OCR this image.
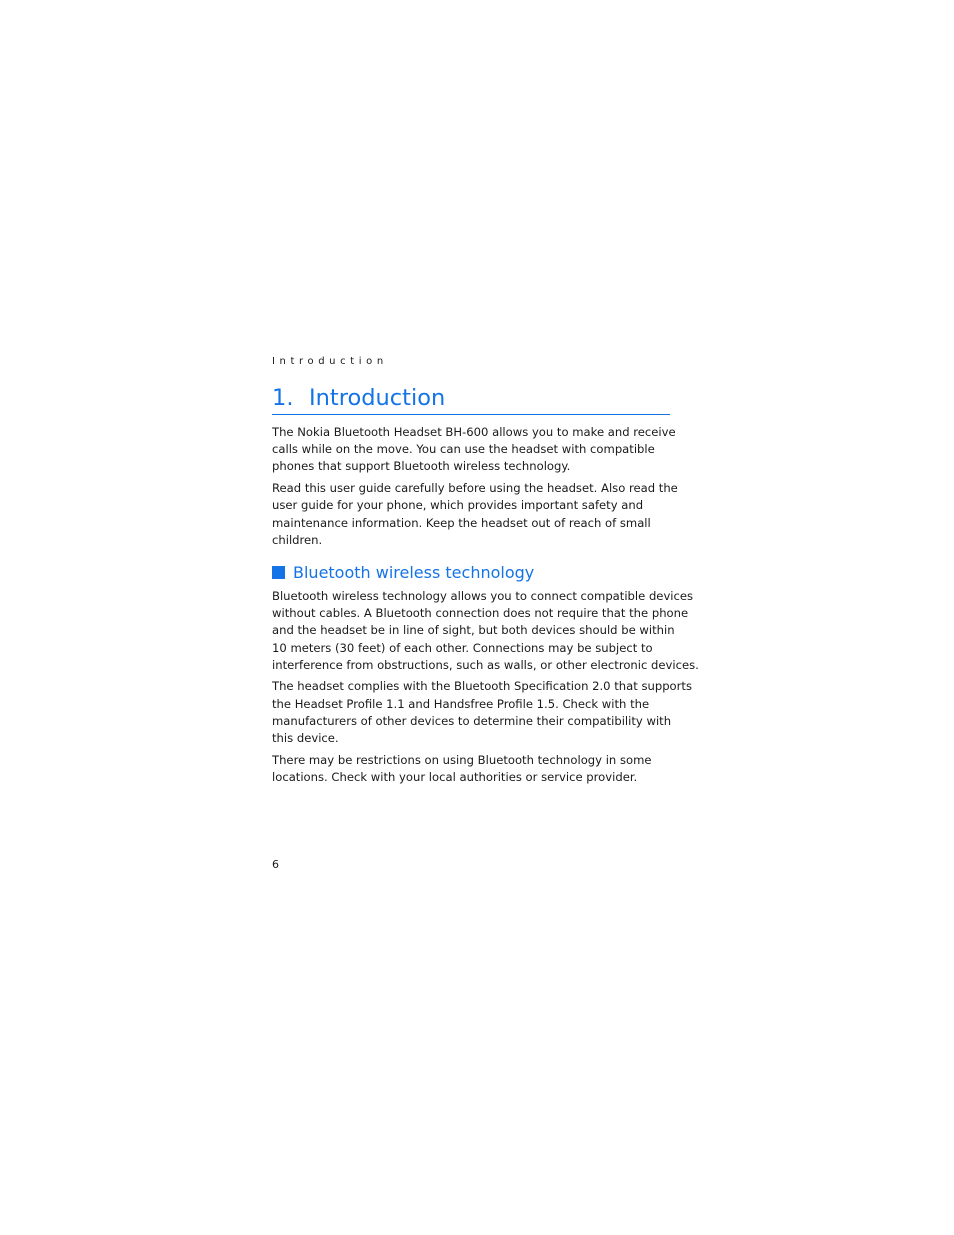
Introduction
1. Introduction

The Nokia Bluetooth Headset BH-600 allows you to make and receive
calls while on the move. You can use the headset with compatible
phones that support Bluetooth wireless technology.

Read this user guide carefully before using the headset. Also read the
user guide for your phone, which provides important safety and
maintenance information. Keep the headset out of reach of small
children.

Bluetooth wireless technology

Bluetooth wireless technology allows you to connect compatible devices
without cables. A Bluetooth connection does not require that the phone
and the headset be in line of sight, but both devices should be within
10 meters (30 feet) of each other. Connections may be subject to
interference from obstructions, such as walls, or other electronic devices.

The headset complies with the Bluetooth Specification 2.0 that supports
the Headset Profile 1.1 and Handsfree Profile 1.5. Check with the
manufacturers of other devices to determine their compatibility with
this device.

There may be restrictions on using Bluetooth technology in some
locations. Check with your local authorities or service provider.

6
